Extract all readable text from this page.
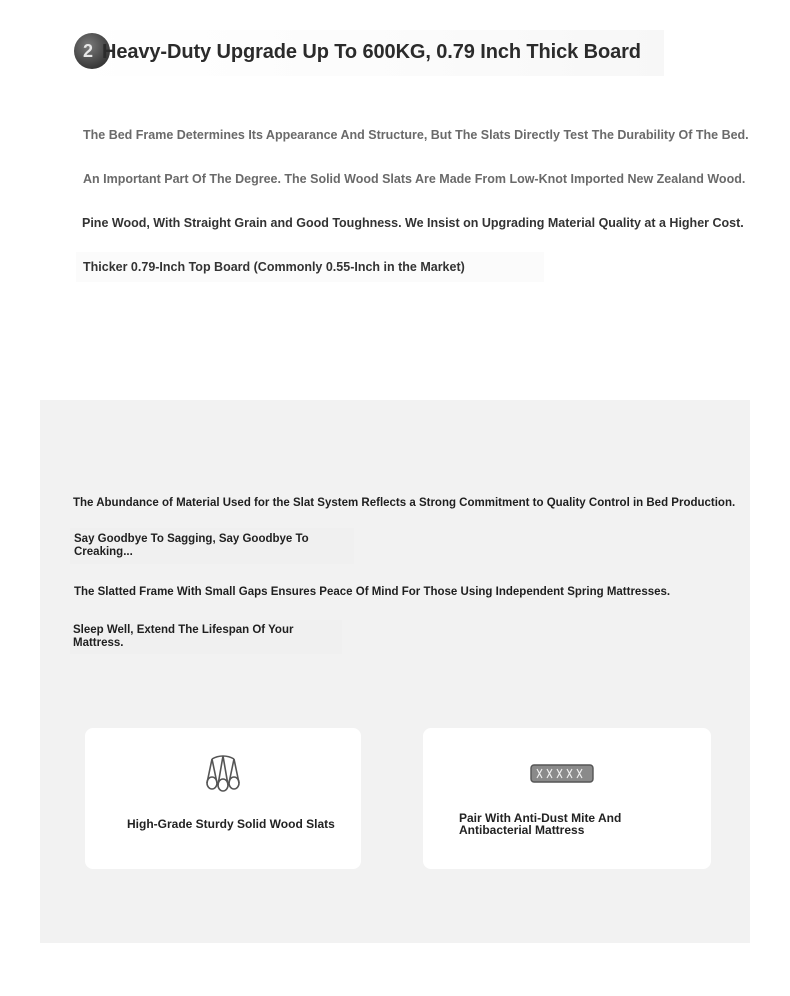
2 Heavy-Duty Upgrade Up To 600KG, 0.79 Inch Thick Board
The Bed Frame Determines Its Appearance And Structure, But The Slats Directly Test The Durability Of The Bed.
An Important Part Of The Degree. The Solid Wood Slats Are Made From Low-Knot Imported New Zealand Wood.
Pine Wood, With Straight Grain and Good Toughness. We Insist on Upgrading Material Quality at a Higher Cost.
Thicker 0.79-Inch Top Board (Commonly 0.55-Inch in the Market)
The Abundance of Material Used for the Slat System Reflects a Strong Commitment to Quality Control in Bed Production.
Say Goodbye To Sagging, Say Goodbye To Creaking...
The Slatted Frame With Small Gaps Ensures Peace Of Mind For Those Using Independent Spring Mattresses.
Sleep Well, Extend The Lifespan Of Your Mattress.
High-Grade Sturdy Solid Wood Slats	Pair With Anti-Dust Mite And Antibacterial Mattress
